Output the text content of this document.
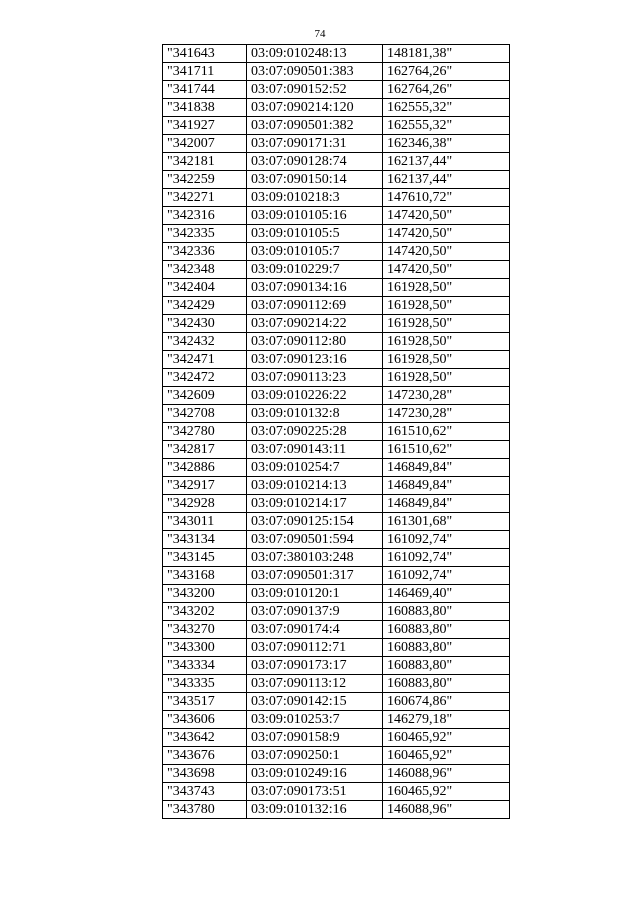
74
"341643	03:09:010248:13	148181,38"
"341711	03:07:090501:383	162764,26"
"341744	03:07:090152:52	162764,26"
"341838	03:07:090214:120	162555,32"
"341927	03:07:090501:382	162555,32"
"342007	03:07:090171:31	162346,38"
"342181	03:07:090128:74	162137,44"
"342259	03:07:090150:14	162137,44"
"342271	03:09:010218:3	147610,72"
"342316	03:09:010105:16	147420,50"
"342335	03:09:010105:5	147420,50"
"342336	03:09:010105:7	147420,50"
"342348	03:09:010229:7	147420,50"
"342404	03:07:090134:16	161928,50"
"342429	03:07:090112:69	161928,50"
"342430	03:07:090214:22	161928,50"
"342432	03:07:090112:80	161928,50"
"342471	03:07:090123:16	161928,50"
"342472	03:07:090113:23	161928,50"
"342609	03:09:010226:22	147230,28"
"342708	03:09:010132:8	147230,28"
"342780	03:07:090225:28	161510,62"
"342817	03:07:090143:11	161510,62"
"342886	03:09:010254:7	146849,84"
"342917	03:09:010214:13	146849,84"
"342928	03:09:010214:17	146849,84"
"343011	03:07:090125:154	161301,68"
"343134	03:07:090501:594	161092,74"
"343145	03:07:380103:248	161092,74"
"343168	03:07:090501:317	161092,74"
"343200	03:09:010120:1	146469,40"
"343202	03:07:090137:9	160883,80"
"343270	03:07:090174:4	160883,80"
"343300	03:07:090112:71	160883,80"
"343334	03:07:090173:17	160883,80"
"343335	03:07:090113:12	160883,80"
"343517	03:07:090142:15	160674,86"
"343606	03:09:010253:7	146279,18"
"343642	03:07:090158:9	160465,92"
"343676	03:07:090250:1	160465,92"
"343698	03:09:010249:16	146088,96"
"343743	03:07:090173:51	160465,92"
"343780	03:09:010132:16	146088,96"
